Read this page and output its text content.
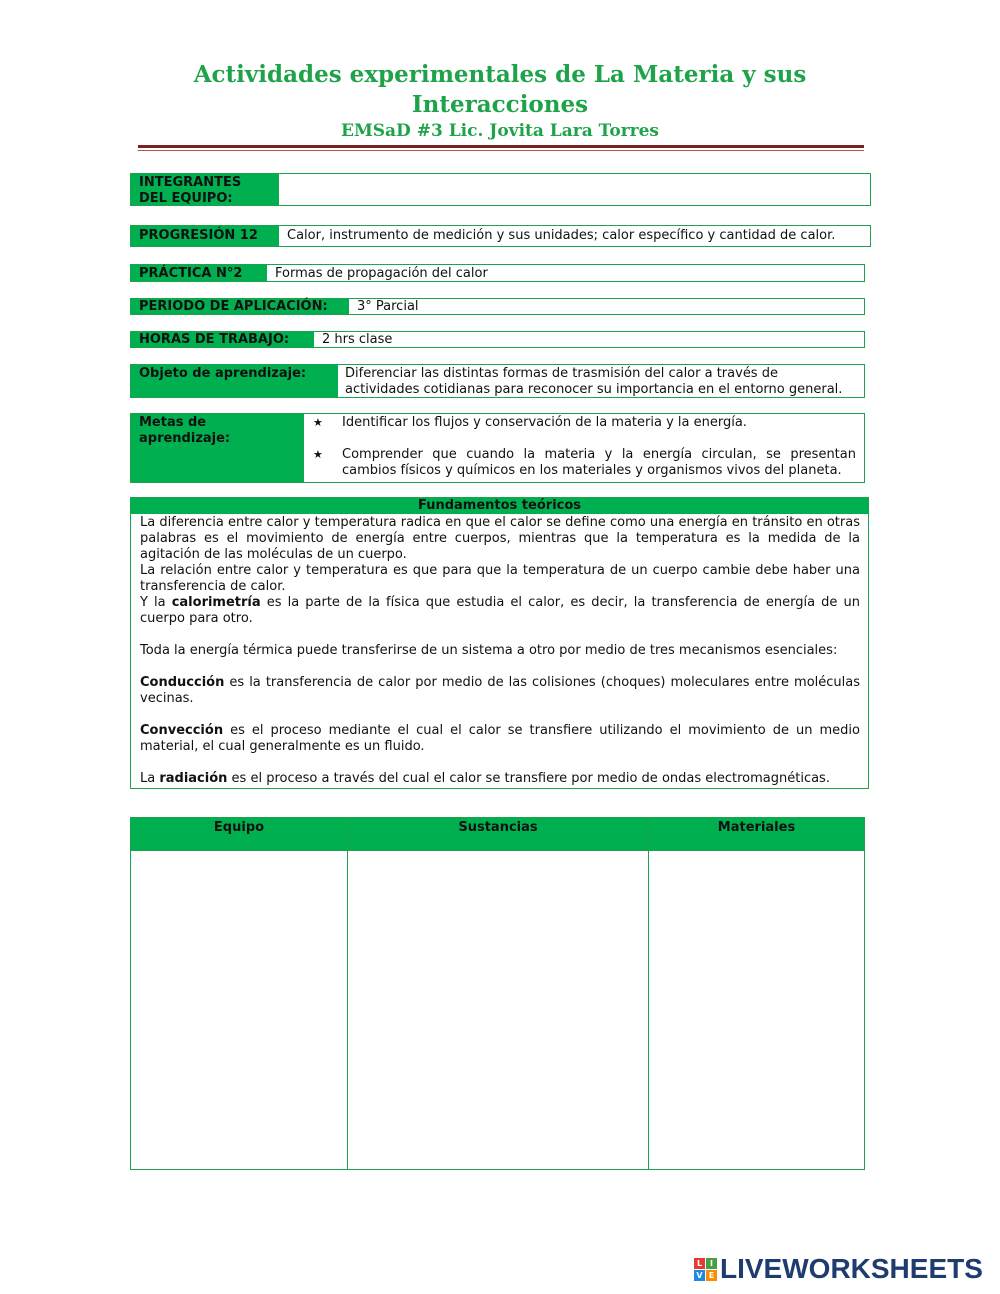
Actividades experimentales de La Materia y sus
Interacciones
EMSaD #3 Lic. Jovita Lara Torres
INTEGRANTES DEL EQUIPO:
PROGRESIÓN 12	Calor, instrumento de medición y sus unidades; calor específico y cantidad de calor.
PRÁCTICA N°2	Formas de propagación del calor
PERIODO DE APLICACIÓN:	3° Parcial
HORAS DE TRABAJO:	2 hrs clase
Objeto de aprendizaje:	Diferenciar las distintas formas de trasmisión del calor a través de actividades cotidianas para reconocer su importancia en el entorno general.
Metas de aprendizaje:
★ Identificar los flujos y conservación de la materia y la energía.
★ Comprender que cuando la materia y la energía circulan, se presentan cambios físicos y químicos en los materiales y organismos vivos del planeta.
Fundamentos teóricos

La diferencia entre calor y temperatura radica en que el calor se define como una energía en tránsito en otras palabras es el movimiento de energía entre cuerpos, mientras que la temperatura es la medida de la agitación de las moléculas de un cuerpo.

La relación entre calor y temperatura es que para que la temperatura de un cuerpo cambie debe haber una transferencia de calor.

Y la calorimetría es la parte de la física que estudia el calor, es decir, la transferencia de energía de un cuerpo para otro.

Toda la energía térmica puede transferirse de un sistema a otro por medio de tres mecanismos esenciales:

Conducción es la transferencia de calor por medio de las colisiones (choques) moleculares entre moléculas vecinas.

Convección es el proceso mediante el cual el calor se transfiere utilizando el movimiento de un medio material, el cual generalmente es un fluido.

La radiación es el proceso a través del cual el calor se transfiere por medio de ondas electromagnéticas.

Equipo	Sustancias	Materiales
L I
V E LIVEWORKSHEETS
